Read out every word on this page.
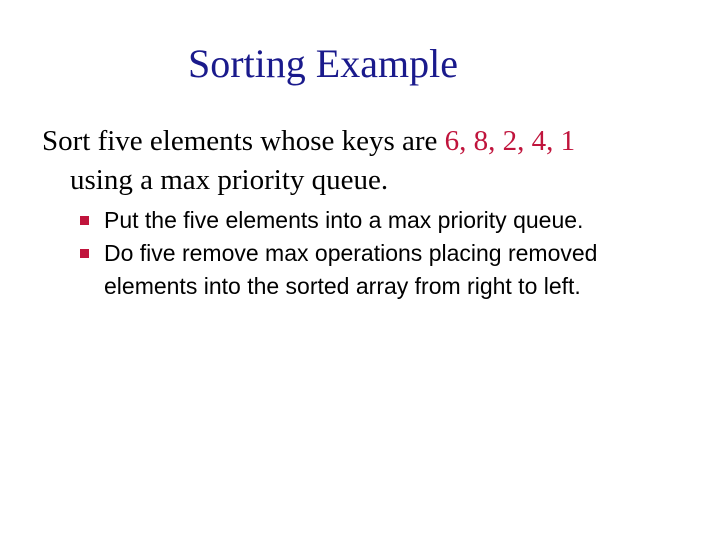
Sorting Example
Sort five elements whose keys are 6, 8, 2, 4, 1
using a max priority queue.
Put the five elements into a max priority queue.
Do five remove max operations placing removed elements into the sorted array from right to left.
